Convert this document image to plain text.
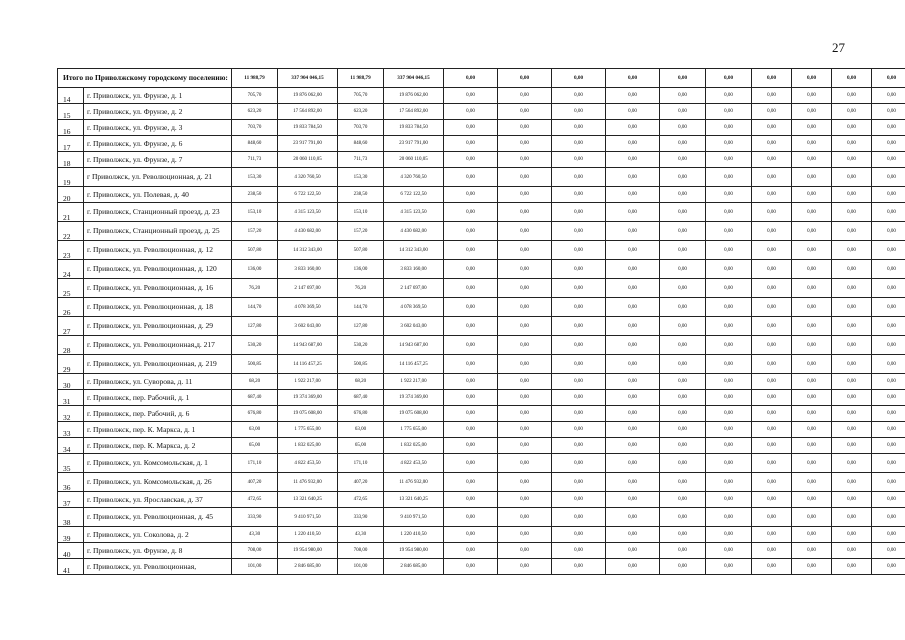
27
Итого по Приволжскому городскому поселению:		11 988,79	337 904 046,15	11 988,79	337 904 046,15	0,00	0,00	0,00	0,00	0,00	0,00	0,00	0,00	0,00	0,00
14	г. Приволжск, ул. Фрунзе, д. 1	705,70	19 876 062,00	705,70	19 876 062,00	0,00	0,00	0,00	0,00	0,00	0,00	0,00	0,00	0,00	0,00
15	г. Приволжск, ул. Фрунзе, д. 2	623,20	17 564 892,00	623,20	17 564 892,00	0,00	0,00	0,00	0,00	0,00	0,00	0,00	0,00	0,00	0,00
16	г. Приволжск, ул. Фрунзе, д. 3	703,70	19 833 784,50	703,70	19 833 784,50	0,00	0,00	0,00	0,00	0,00	0,00	0,00	0,00	0,00	0,00
17	г. Приволжск, ул. Фрунзе, д. 6	848,60	23 917 791,00	848,60	23 917 791,00	0,00	0,00	0,00	0,00	0,00	0,00	0,00	0,00	0,00	0,00
18	г. Приволжск, ул. Фрунзе, д. 7	711,73	20 060 110,05	711,73	20 060 110,05	0,00	0,00	0,00	0,00	0,00	0,00	0,00	0,00	0,00	0,00
19	г Приволжск, ул. Революционная, д. 21	153,30	4 320 760,50	153,30	4 320 760,50	0,00	0,00	0,00	0,00	0,00	0,00	0,00	0,00	0,00	0,00
20	г. Приволжск, ул. Полевая, д. 40	238,50	6 722 122,50	238,50	6 722 122,50	0,00	0,00	0,00	0,00	0,00	0,00	0,00	0,00	0,00	0,00
21	г. Приволжск, Станционный проезд, д. 23	153,10	4 315 123,50	153,10	4 315 123,50	0,00	0,00	0,00	0,00	0,00	0,00	0,00	0,00	0,00	0,00
22	г. Приволжск, Станционный проезд, д. 25	157,20	4 430 682,00	157,20	4 430 682,00	0,00	0,00	0,00	0,00	0,00	0,00	0,00	0,00	0,00	0,00
23	г. Приволжск, ул. Революционная, д. 12	507,80	14 312 343,00	507,80	14 312 343,00	0,00	0,00	0,00	0,00	0,00	0,00	0,00	0,00	0,00	0,00
24	г. Приволжск, ул. Революционная, д. 120	136,00	3 833 160,00	136,00	3 833 160,00	0,00	0,00	0,00	0,00	0,00	0,00	0,00	0,00	0,00	0,00
25	г. Приволжск, ул. Революционная, д. 16	76,20	2 147 697,00	76,20	2 147 697,00	0,00	0,00	0,00	0,00	0,00	0,00	0,00	0,00	0,00	0,00
26	г. Приволжск, ул. Революционная, д. 18	144,70	4 078 369,50	144,70	4 078 369,50	0,00	0,00	0,00	0,00	0,00	0,00	0,00	0,00	0,00	0,00
27	г. Приволжск, ул. Революционная, д. 29	127,80	3 602 043,00	127,80	3 602 043,00	0,00	0,00	0,00	0,00	0,00	0,00	0,00	0,00	0,00	0,00
28	г. Приволжск, ул. Революционная,д. 217	530,20	14 943 687,00	530,20	14 943 687,00	0,00	0,00	0,00	0,00	0,00	0,00	0,00	0,00	0,00	0,00
29	г. Приволжск, ул. Революционная, д. 219	500,85	14 116 457,25	500,85	14 116 457,25	0,00	0,00	0,00	0,00	0,00	0,00	0,00	0,00	0,00	0,00
30	г. Приволжск, ул. Суворова, д. 11	68,20	1 922 217,00	68,20	1 922 217,00	0,00	0,00	0,00	0,00	0,00	0,00	0,00	0,00	0,00	0,00
31	г. Приволжск, пер. Рабочий, д. 1	687,40	19 374 369,00	687,40	19 374 369,00	0,00	0,00	0,00	0,00	0,00	0,00	0,00	0,00	0,00	0,00
32	г. Приволжск, пер. Рабочий, д. 6	676,80	19 075 608,00	676,80	19 075 608,00	0,00	0,00	0,00	0,00	0,00	0,00	0,00	0,00	0,00	0,00
33	г. Приволжск, пер. К. Маркса, д. 1	63,00	1 775 655,00	63,00	1 775 655,00	0,00	0,00	0,00	0,00	0,00	0,00	0,00	0,00	0,00	0,00
34	г. Приволжск, пер. К. Маркса, д. 2	65,00	1 832 025,00	65,00	1 832 025,00	0,00	0,00	0,00	0,00	0,00	0,00	0,00	0,00	0,00	0,00
35	г. Приволжск, ул. Комсомольская, д. 1	171,10	4 822 453,50	171,10	4 822 453,50	0,00	0,00	0,00	0,00	0,00	0,00	0,00	0,00	0,00	0,00
36	г. Приволжск, ул. Комсомольская, д. 26	407,20	11 476 932,00	407,20	11 476 932,00	0,00	0,00	0,00	0,00	0,00	0,00	0,00	0,00	0,00	0,00
37	г. Приволжск, ул. Ярославская, д. 37	472,65	13 321 640,25	472,65	13 321 640,25	0,00	0,00	0,00	0,00	0,00	0,00	0,00	0,00	0,00	0,00
38	г. Приволжск, ул. Революционная, д. 45	333,90	9 410 971,50	333,90	9 410 971,50	0,00	0,00	0,00	0,00	0,00	0,00	0,00	0,00	0,00	0,00
39	г. Приволжск, ул. Соколова, д. 2	43,30	1 220 410,50	43,30	1 220 410,50	0,00	0,00	0,00	0,00	0,00	0,00	0,00	0,00	0,00	0,00
40	г. Приволжск, ул. Фрунзе, д. 8	708,00	19 954 980,00	708,00	19 954 980,00	0,00	0,00	0,00	0,00	0,00	0,00	0,00	0,00	0,00	0,00
41	г. Приволжск, ул. Революционная,	101,00	2 846 685,00	101,00	2 846 685,00	0,00	0,00	0,00	0,00	0,00	0,00	0,00	0,00	0,00	0,00
